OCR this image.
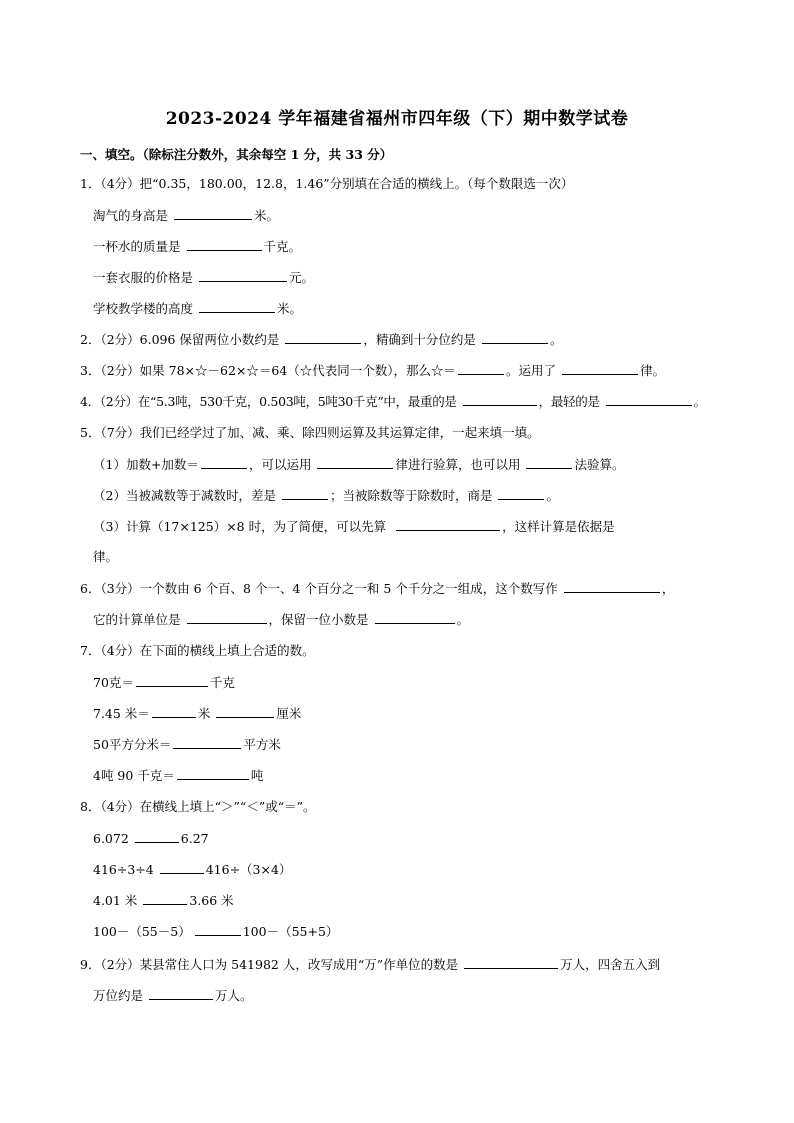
2023-2024 学年福建省福州市四年级（下）期中数学试卷
一、填空。（除标注分数外，其余每空 1 分，共 33 分）
1．（4分）把“0.35，180.00，12.8，1.46”分别填在合适的横线上。（每个数限选一次）
淘气的身高是	米。
一杯水的质量是	千克。
一套衣服的价格是	元。
学校教学楼的高度	米。
2．（2分）6.096 保留两位小数约是	，精确到十分位约是	。
3．（2分）如果 78×☆－62×☆＝64（☆代表同一个数），那么☆＝	。运用了	律。
4．（2分）在“5.3吨，530千克，0.503吨，5吨30千克”中，最重的是	，最轻的是	。
5．（7分）我们已经学过了加、减、乘、除四则运算及其运算定律，一起来填一填。
（1）加数+加数＝	，可以运用	律进行验算，也可以用	法验算。
（2）当被减数等于减数时，差是	；当被除数等于除数时，商是	。
（3）计算（17×125）×8 时，为了简便，可以先算	，这样计算是依据是
律。
6．（3分）一个数由 6 个百、8 个一、4 个百分之一和 5 个千分之一组成，这个数写作	，
它的计算单位是	，保留一位小数是	。
7．（4分）在下面的横线上填上合适的数。
70克＝	千克
7.45 米＝	米	厘米
50平方分米＝	平方米
4吨 90 千克＝	吨
8．（4分）在横线上填上“＞”“＜”或“＝”。
6.072	6.27
416÷3÷4	416÷（3×4）
4.01 米	3.66 米
100－（55－5）	100－（55+5）
9．（2分）某县常住人口为 541982 人，改写成用“万”作单位的数是	万人，四舍五入到
万位约是	万人。
